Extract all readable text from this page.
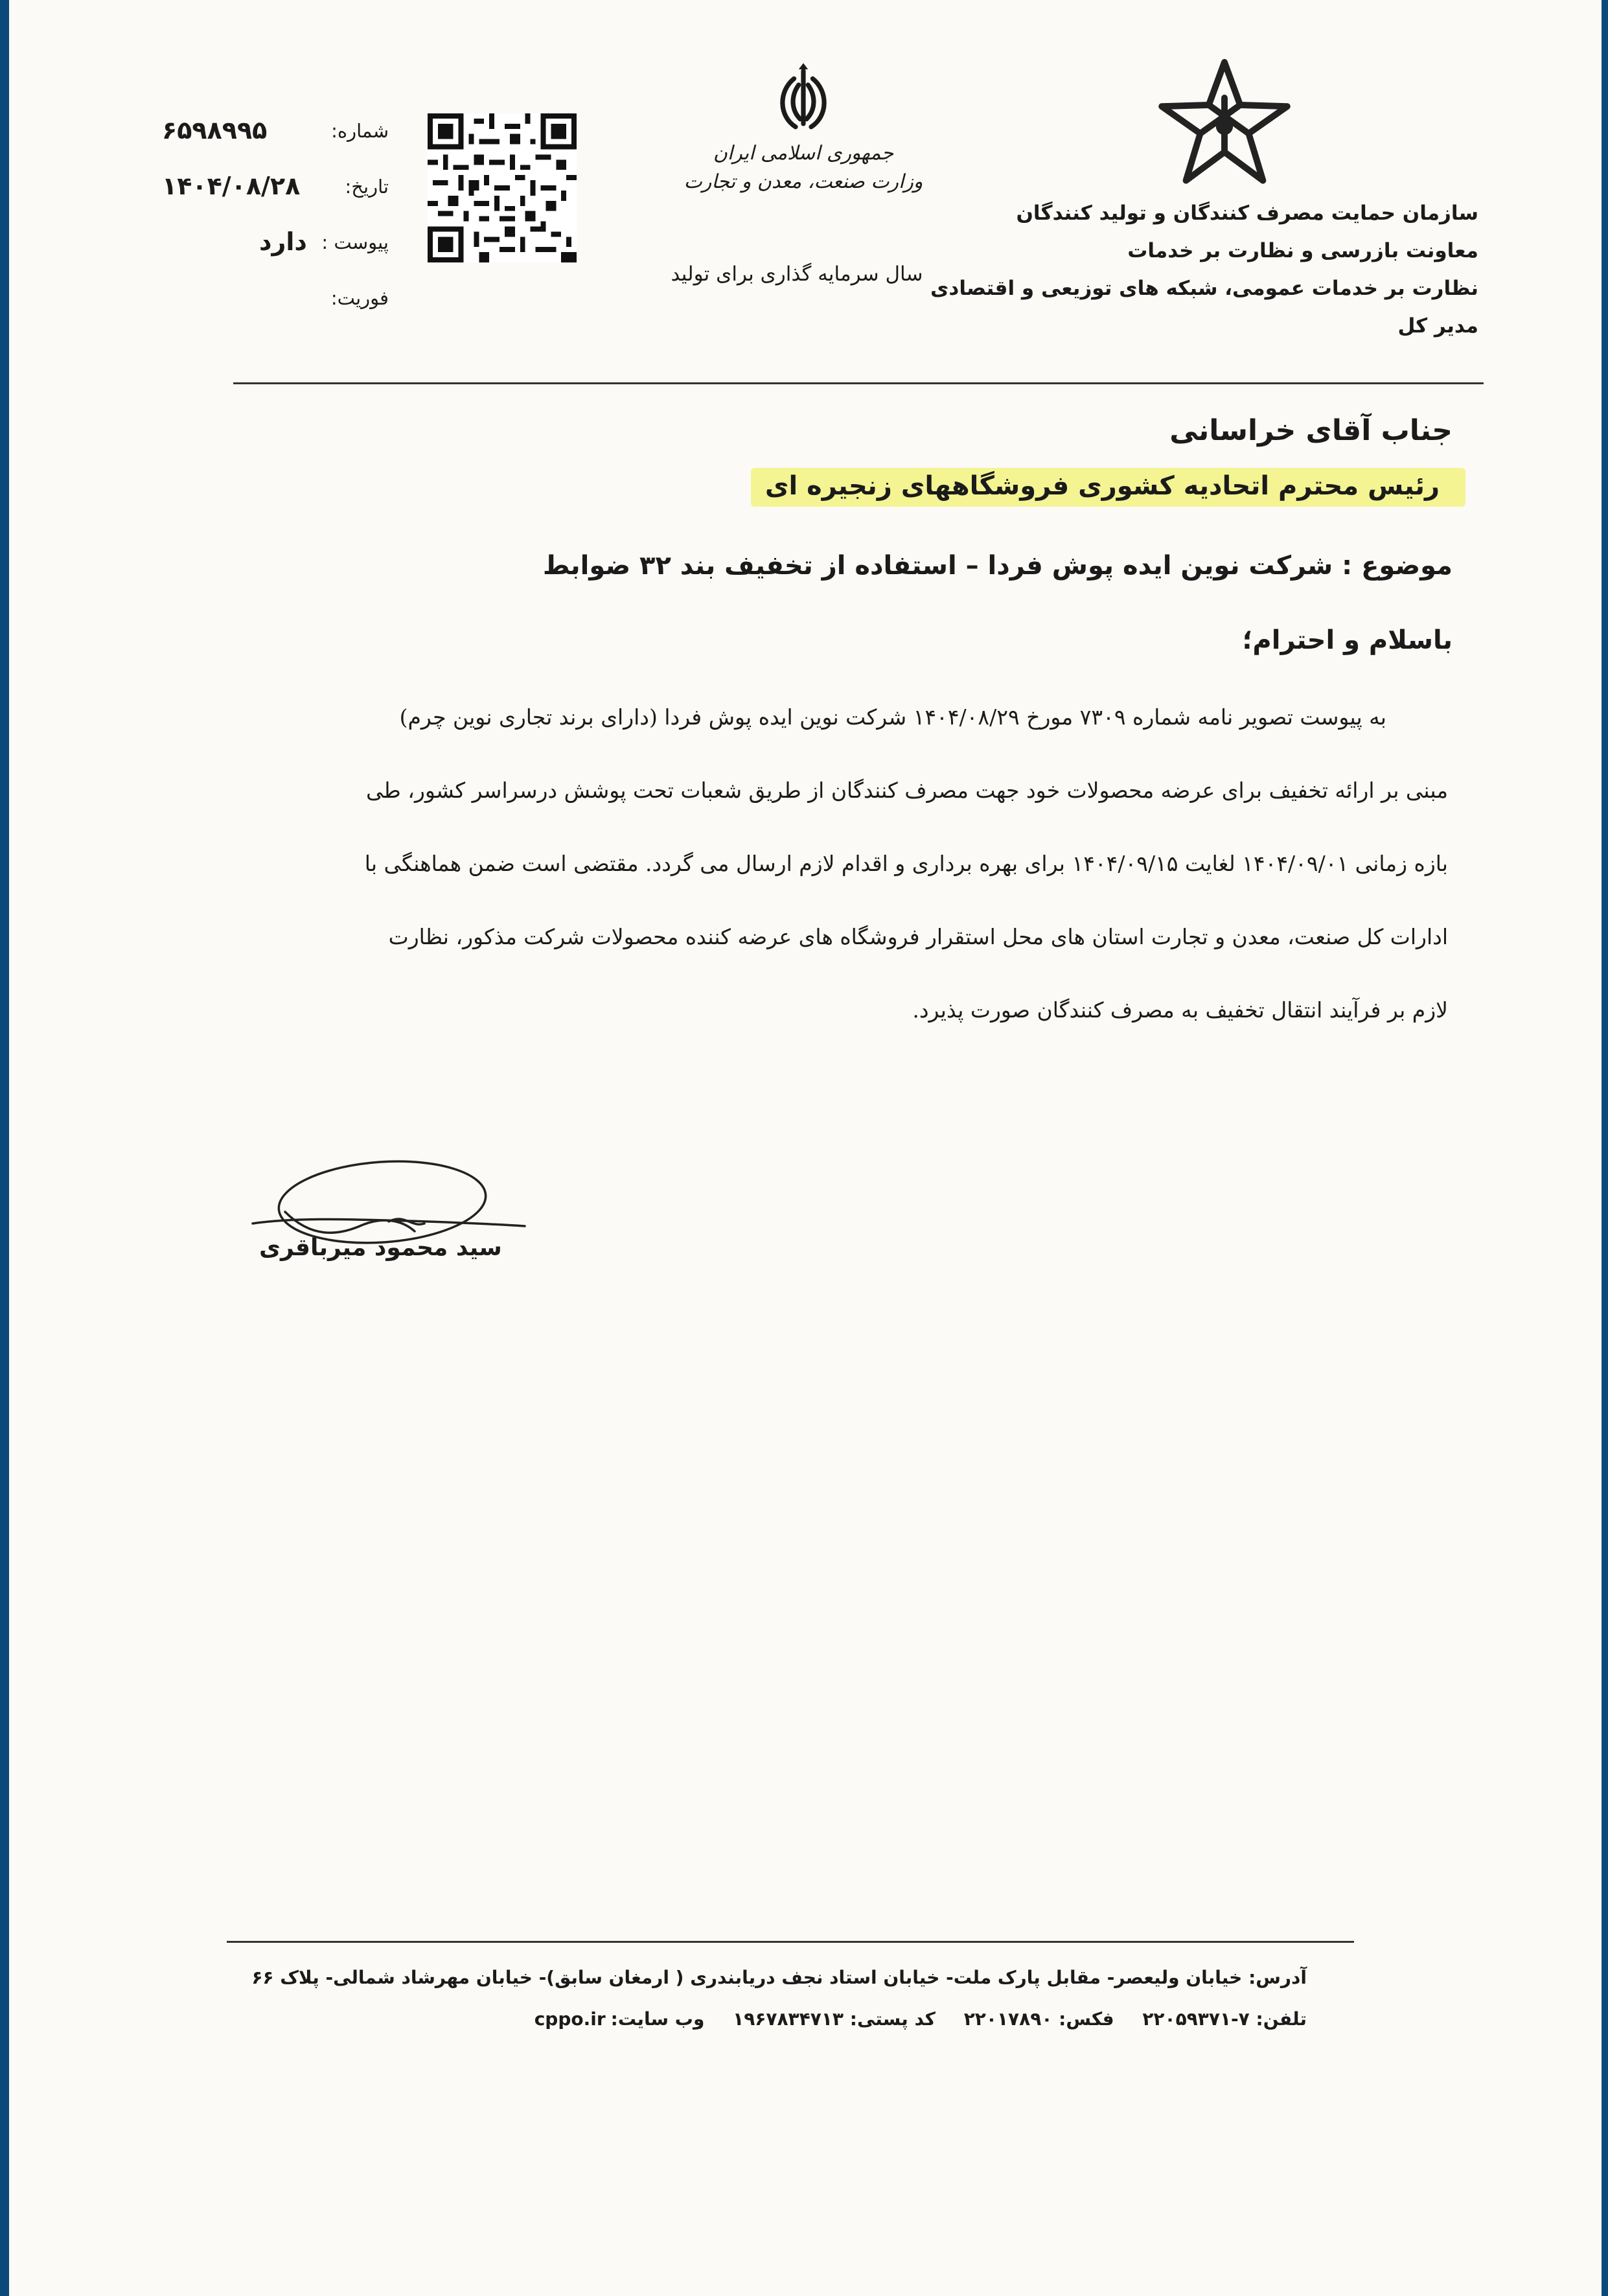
سازمان حمایت مصرف کنندگان و تولید کنندگان
معاونت بازرسی و نظارت بر خدمات
نظارت بر خدمات عمومی، شبکه های توزیعی و اقتصادی
مدیر کل
جمهوری اسلامی ایران
وزارت صنعت، معدن و تجارت
سال سرمایه گذاری برای تولید
شماره:
۶۵۹۸۹۹۵
تاریخ:
۱۴۰۴/۰۸/۲۸
پیوست :
دارد
فوریت:
جناب آقای خراسانی
رئیس محترم اتحادیه کشوری فروشگاههای زنجیره ای
موضوع : شرکت نوین ایده پوش فردا – استفاده از تخفیف بند ۳۲ ضوابط
باسلام و احترام؛
به پیوست تصویر نامه شماره ۷۳۰۹ مورخ ۱۴۰۴/۰۸/۲۹ شرکت نوین ایده پوش فردا (دارای برند تجاری نوین چرم)
مبنی بر ارائه تخفیف برای عرضه محصولات خود جهت مصرف کنندگان از طریق شعبات تحت پوشش درسراسر کشور، طی
بازه زمانی ۱۴۰۴/۰۹/۰۱ لغایت ۱۴۰۴/۰۹/۱۵ برای بهره برداری و اقدام لازم ارسال می گردد. مقتضی است ضمن هماهنگی با
ادارات کل صنعت، معدن و تجارت استان های محل استقرار فروشگاه های عرضه کننده محصولات شرکت مذکور، نظارت
لازم بر فرآیند انتقال تخفیف به مصرف کنندگان صورت پذیرد.
سید محمود میرباقری
آدرس: خیابان ولیعصر- مقابل پارک ملت- خیابان استاد نجف دریابندری ( ارمغان سابق)- خیابان مهرشاد شمالی- پلاک ۶۶
تلفن: ۷-۲۲۰۵۹۳۷۱ فکس: ۲۲۰۱۷۸۹۰ کد پستی: ۱۹۶۷۸۳۴۷۱۳ وب سایت:cppo.ir
